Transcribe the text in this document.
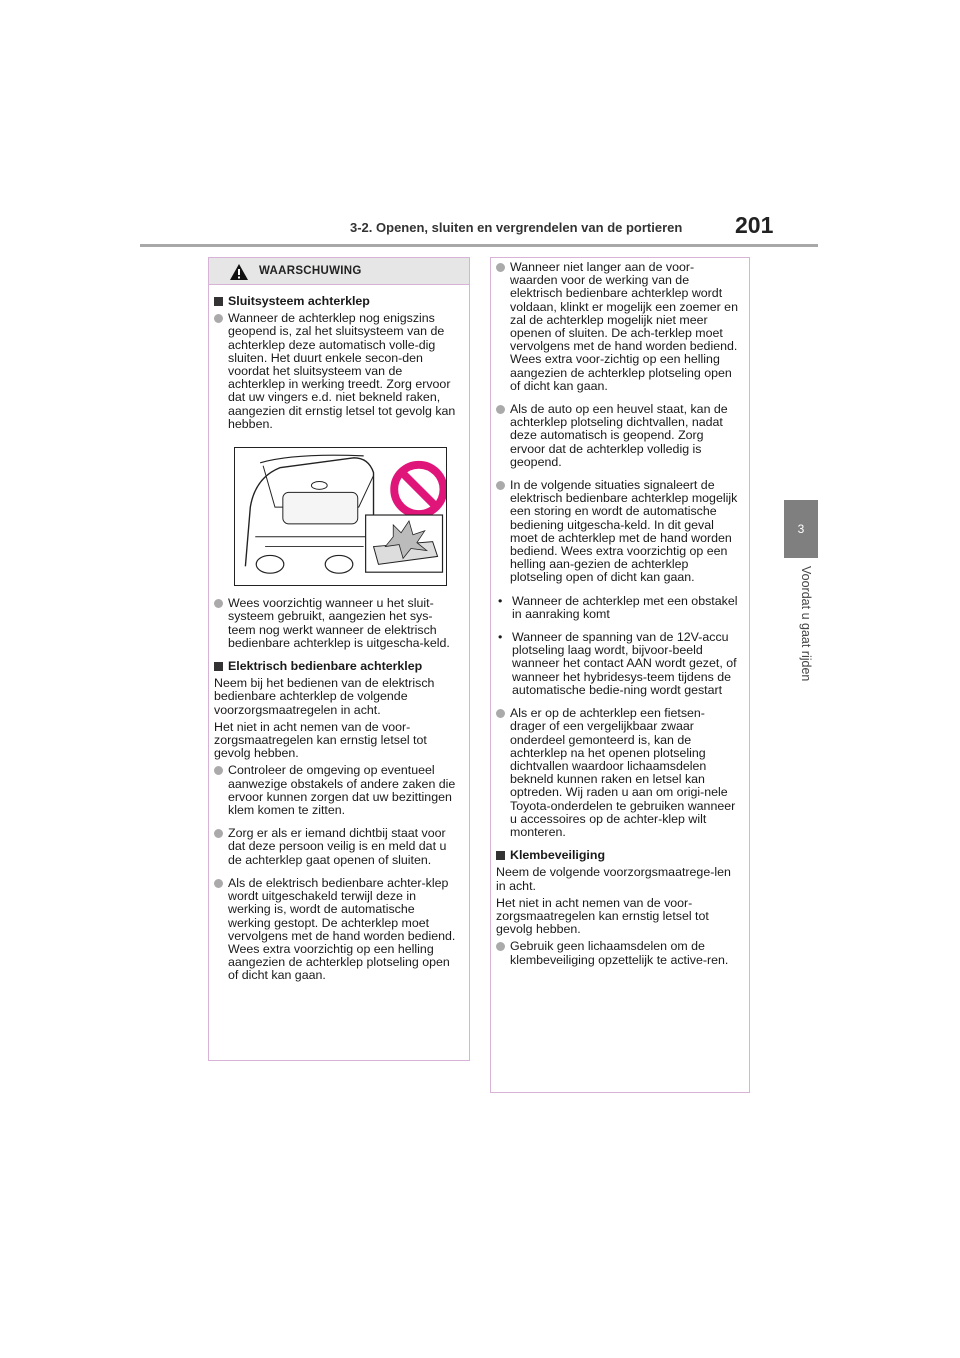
3-2. Openen, sluiten en vergrendelen van de portieren 201
3
Voordat u gaat rijden
WAARSCHUWING
Sluitsysteem achterklep
Wanneer de achterklep nog enigszins geopend is, zal het sluitsysteem van de achterklep deze automatisch volle-dig sluiten. Het duurt enkele secon-den voordat het sluitsysteem van de achterklep in werking treedt. Zorg ervoor dat uw vingers e.d. niet bekneld raken, aangezien dit ernstig letsel tot gevolg kan hebben.
Wees voorzichtig wanneer u het sluit-systeem gebruikt, aangezien het sys-teem nog werkt wanneer de elektrisch bedienbare achterklep is uitgescha-keld.
Elektrisch bedienbare achterklep
Neem bij het bedienen van de elektrisch bedienbare achterklep de volgende voorzorgsmaatregelen in acht.
Het niet in acht nemen van de voor-zorgsmaatregelen kan ernstig letsel tot gevolg hebben.
Controleer de omgeving op eventueel aanwezige obstakels of andere zaken die ervoor kunnen zorgen dat uw bezittingen klem komen te zitten.
Zorg er als er iemand dichtbij staat voor dat deze persoon veilig is en meld dat u de achterklep gaat openen of sluiten.
Als de elektrisch bedienbare achter-klep wordt uitgeschakeld terwijl deze in werking is, wordt de automatische werking gestopt. De achterklep moet vervolgens met de hand worden bediend. Wees extra voorzichtig op een helling aangezien de achterklep plotseling open of dicht kan gaan.
Wanneer niet langer aan de voor-waarden voor de werking van de elektrisch bedienbare achterklep wordt voldaan, klinkt er mogelijk een zoemer en zal de achterklep mogelijk niet meer openen of sluiten. De ach-terklep moet vervolgens met de hand worden bediend. Wees extra voor-zichtig op een helling aangezien de achterklep plotseling open of dicht kan gaan.
Als de auto op een heuvel staat, kan de achterklep plotseling dichtvallen, nadat deze automatisch is geopend. Zorg ervoor dat de achterklep volledig is geopend.
In de volgende situaties signaleert de elektrisch bedienbare achterklep mogelijk een storing en wordt de automatische bediening uitgescha-keld. In dit geval moet de achterklep met de hand worden bediend. Wees extra voorzichtig op een helling aan-gezien de achterklep plotseling open of dicht kan gaan.
• Wanneer de achterklep met een obstakel in aanraking komt
• Wanneer de spanning van de 12V-accu plotseling laag wordt, bijvoor-beeld wanneer het contact AAN wordt gezet, of wanneer het hybridesys-teem tijdens de automatische bedie-ning wordt gestart
Als er op de achterklep een fietsen-drager of een vergelijkbaar zwaar onderdeel gemonteerd is, kan de achterklep na het openen plotseling dichtvallen waardoor lichaamsdelen bekneld kunnen raken en letsel kan optreden. Wij raden u aan om origi-nele Toyota-onderdelen te gebruiken wanneer u accessoires op de achter-klep wilt monteren.
Klembeveiliging
Neem de volgende voorzorgsmaatrege-len in acht.
Het niet in acht nemen van de voor-zorgsmaatregelen kan ernstig letsel tot gevolg hebben.
Gebruik geen lichaamsdelen om de klembeveiliging opzettelijk te active-ren.
